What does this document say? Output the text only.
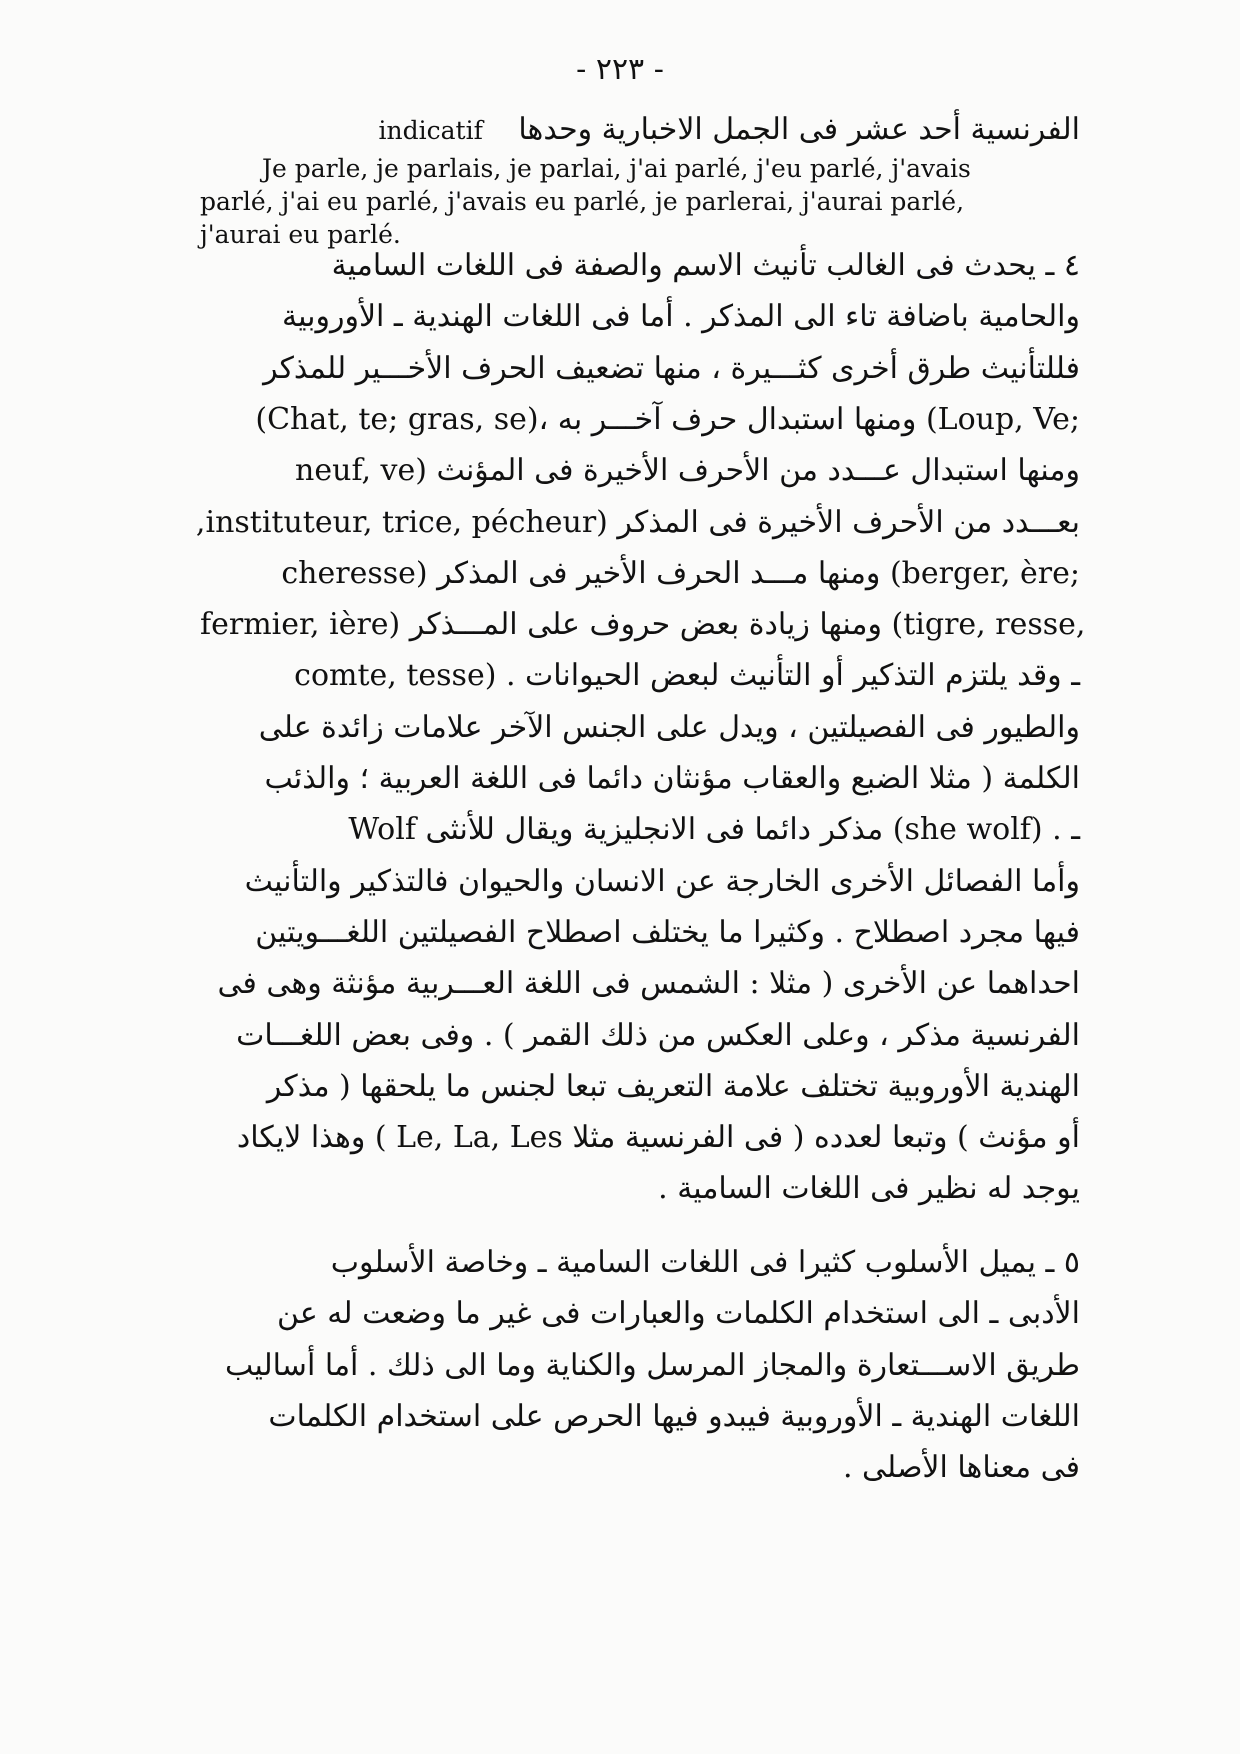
- ٢٢٣ -
الفرنسية أحد عشر فى الجمل الاخبارية وحدها indicatif
Je parle, je parlais, je parlai, j'ai parlé, j'eu parlé, j'avais
parlé, j'ai eu parlé, j'avais eu parlé, je parlerai, j'aurai parlé,
j'aurai eu parlé.
٤ ـ يحدث فى الغالب تأنيث الاسم والصفة فى اللغات السامية
والحامية باضافة تاء الى المذكر . أما فى اللغات الهندية ـ الأوروبية
فللتأنيث طرق أخرى كثـــيرة ، منها تضعيف الحرف الأخـــير للمذكر
(Chat, te; gras, se)، ومنها استبدال حرف آخـــر به (Loup, Ve;
neuf, ve) ومنها استبدال عـــدد من الأحرف الأخيرة فى المؤنث
بعـــدد من الأحرف الأخيرة فى المذكر (instituteur, trice, pécheur,
cheresse) ومنها مـــد الحرف الأخير فى المذكر (berger, ère;
fermier, ière) ومنها زيادة بعض حروف على المـــذكر (tigre, resse,
comte, tesse) . ـ وقد يلتزم التذكير أو التأنيث لبعض الحيوانات
والطيور فى الفصيلتين ، ويدل على الجنس الآخر علامات زائدة على
الكلمة ( مثلا الضبع والعقاب مؤنثان دائما فى اللغة العربية ؛ والذئب
Wolf مذكر دائما فى الانجليزية ويقال للأنثى (she wolf) . ـ
وأما الفصائل الأخرى الخارجة عن الانسان والحيوان فالتذكير والتأنيث
فيها مجرد اصطلاح . وكثيرا ما يختلف اصطلاح الفصيلتين اللغـــويتين
احداهما عن الأخرى ( مثلا : الشمس فى اللغة العـــربية مؤنثة وهى فى
الفرنسية مذكر ، وعلى العكس من ذلك القمر ) . وفى بعض اللغـــات
الهندية الأوروبية تختلف علامة التعريف تبعا لجنس ما يلحقها ( مذكر
أو مؤنث ) وتبعا لعدده ( فى الفرنسية مثلا Le, La, Les ) وهذا لايكاد
يوجد له نظير فى اللغات السامية .
٥ ـ يميل الأسلوب كثيرا فى اللغات السامية ـ وخاصة الأسلوب
الأدبى ـ الى استخدام الكلمات والعبارات فى غير ما وضعت له عن
طريق الاســـتعارة والمجاز المرسل والكناية وما الى ذلك . أما أساليب
اللغات الهندية ـ الأوروبية فيبدو فيها الحرص على استخدام الكلمات
فى معناها الأصلى .
